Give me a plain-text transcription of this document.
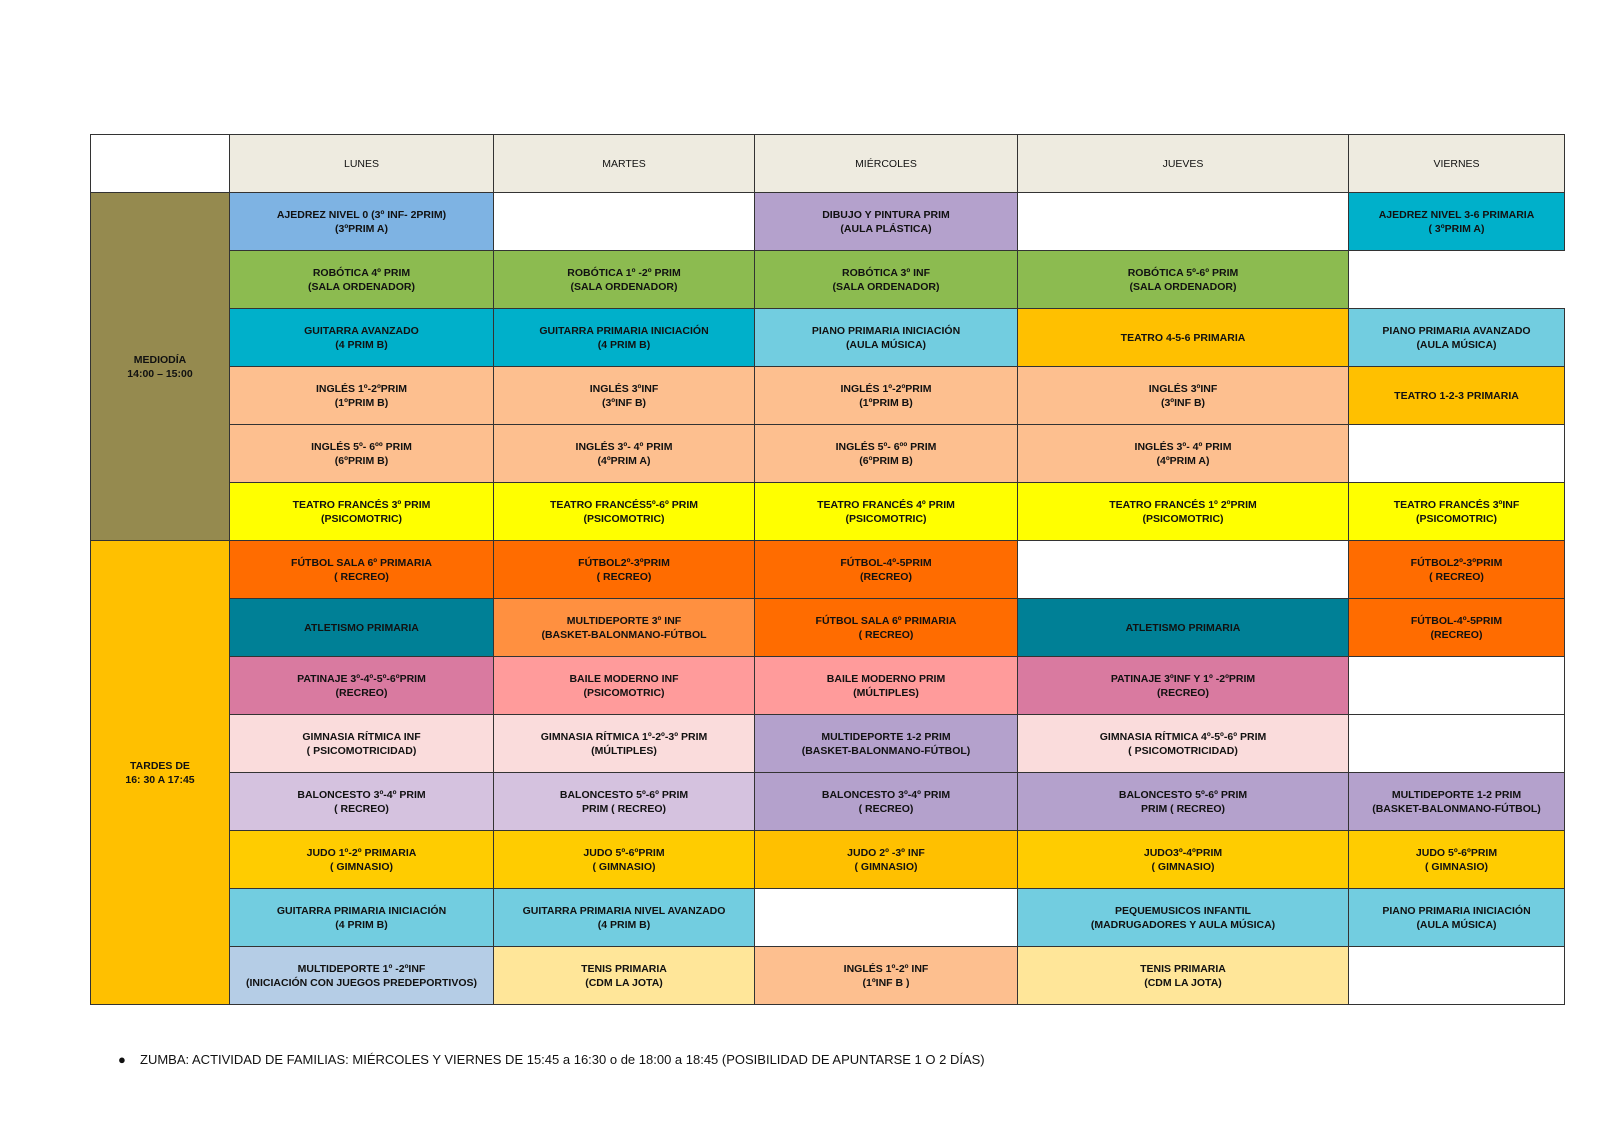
	LUNES	MARTES	MIÉRCOLES	JUEVES	VIERNES
MEDIODÍA
14:00 – 15:00	AJEDREZ NIVEL 0 (3º INF- 2PRIM)
(3ºPRIM A)		DIBUJO Y PINTURA PRIM
(AULA PLÁSTICA)		AJEDREZ NIVEL 3-6 PRIMARIA
( 3ºPRIM A)
	ROBÓTICA 4º PRIM
(SALA ORDENADOR)	ROBÓTICA 1º -2º PRIM
(SALA ORDENADOR)	ROBÓTICA 3º INF
(SALA ORDENADOR)	ROBÓTICA 5º-6º PRIM
(SALA ORDENADOR)	
	GUITARRA AVANZADO
(4 PRIM B)	GUITARRA PRIMARIA INICIACIÓN
(4 PRIM B)	PIANO PRIMARIA INICIACIÓN
(AULA MÚSICA)	TEATRO 4-5-6 PRIMARIA	PIANO PRIMARIA AVANZADO
(AULA MÚSICA)
	INGLÉS 1º-2ºPRIM
(1ºPRIM B)	INGLÉS 3ºINF
(3ºINF B)	INGLÉS 1º-2ºPRIM
(1ºPRIM B)	INGLÉS 3ºINF
(3ºINF B)	TEATRO 1-2-3 PRIMARIA
	INGLÉS 5º- 6ºº PRIM
(6ºPRIM B)	INGLÉS 3º- 4º PRIM
(4ºPRIM A)	INGLÉS 5º- 6ºº PRIM
(6ºPRIM B)	INGLÉS 3º- 4º PRIM
(4ºPRIM A)	
	TEATRO FRANCÉS 3º PRIM
(PSICOMOTRIC)	TEATRO FRANCÉS5º-6º PRIM
(PSICOMOTRIC)	TEATRO FRANCÉS 4º PRIM
(PSICOMOTRIC)	TEATRO FRANCÉS 1º 2ºPRIM
(PSICOMOTRIC)	TEATRO FRANCÉS 3ºINF
(PSICOMOTRIC)
TARDES DE
16: 30 A 17:45	FÚTBOL SALA 6º PRIMARIA
( RECREO)	FÚTBOL2º-3ºPRIM
( RECREO)	FÚTBOL-4º-5PRIM
(RECREO)		FÚTBOL2º-3ºPRIM
( RECREO)
	ATLETISMO PRIMARIA	MULTIDEPORTE 3º INF
(BASKET-BALONMANO-FÚTBOL	FÚTBOL SALA 6º PRIMARIA
( RECREO)	ATLETISMO PRIMARIA	FÚTBOL-4º-5PRIM
(RECREO)
	PATINAJE 3º-4º-5º-6ºPRIM
(RECREO)	BAILE MODERNO INF
(PSICOMOTRIC)	BAILE MODERNO PRIM
(MÚLTIPLES)	PATINAJE 3ºINF Y 1º -2ºPRIM
(RECREO)	
	GIMNASIA RÍTMICA INF
( PSICOMOTRICIDAD)	GIMNASIA RÍTMICA 1º-2º-3º PRIM
(MÚLTIPLES)	MULTIDEPORTE 1-2 PRIM
(BASKET-BALONMANO-FÚTBOL)	GIMNASIA RÍTMICA 4º-5º-6º PRIM
( PSICOMOTRICIDAD)	
	BALONCESTO 3º-4º PRIM
( RECREO)	BALONCESTO 5º-6º PRIM
PRIM ( RECREO)	BALONCESTO 3º-4º PRIM
( RECREO)	BALONCESTO 5º-6º PRIM
PRIM ( RECREO)	MULTIDEPORTE 1-2 PRIM
(BASKET-BALONMANO-FÚTBOL)
	JUDO 1º-2º PRIMARIA
( GIMNASIO)	JUDO 5º-6ºPRIM
( GIMNASIO)	JUDO 2º -3º INF
( GIMNASIO)	JUDO3º-4ºPRIM
( GIMNASIO)	JUDO 5º-6ºPRIM
( GIMNASIO)
	GUITARRA PRIMARIA INICIACIÓN
(4 PRIM B)	GUITARRA PRIMARIA NIVEL AVANZADO
(4 PRIM B)		PEQUEMUSICOS INFANTIL
(MADRUGADORES Y AULA MÚSICA)	PIANO PRIMARIA INICIACIÓN
(AULA MÚSICA)
	MULTIDEPORTE 1º -2ºINF
(INICIACIÓN CON JUEGOS PREDEPORTIVOS)	TENIS PRIMARIA
(CDM LA JOTA)	INGLÉS 1º-2º INF
(1ºINF B )	TENIS PRIMARIA
(CDM LA JOTA)	
● ZUMBA: ACTIVIDAD DE FAMILIAS: MIÉRCOLES Y VIERNES DE 15:45 a 16:30 o de 18:00 a 18:45 (POSIBILIDAD DE APUNTARSE 1 O 2 DÍAS)
